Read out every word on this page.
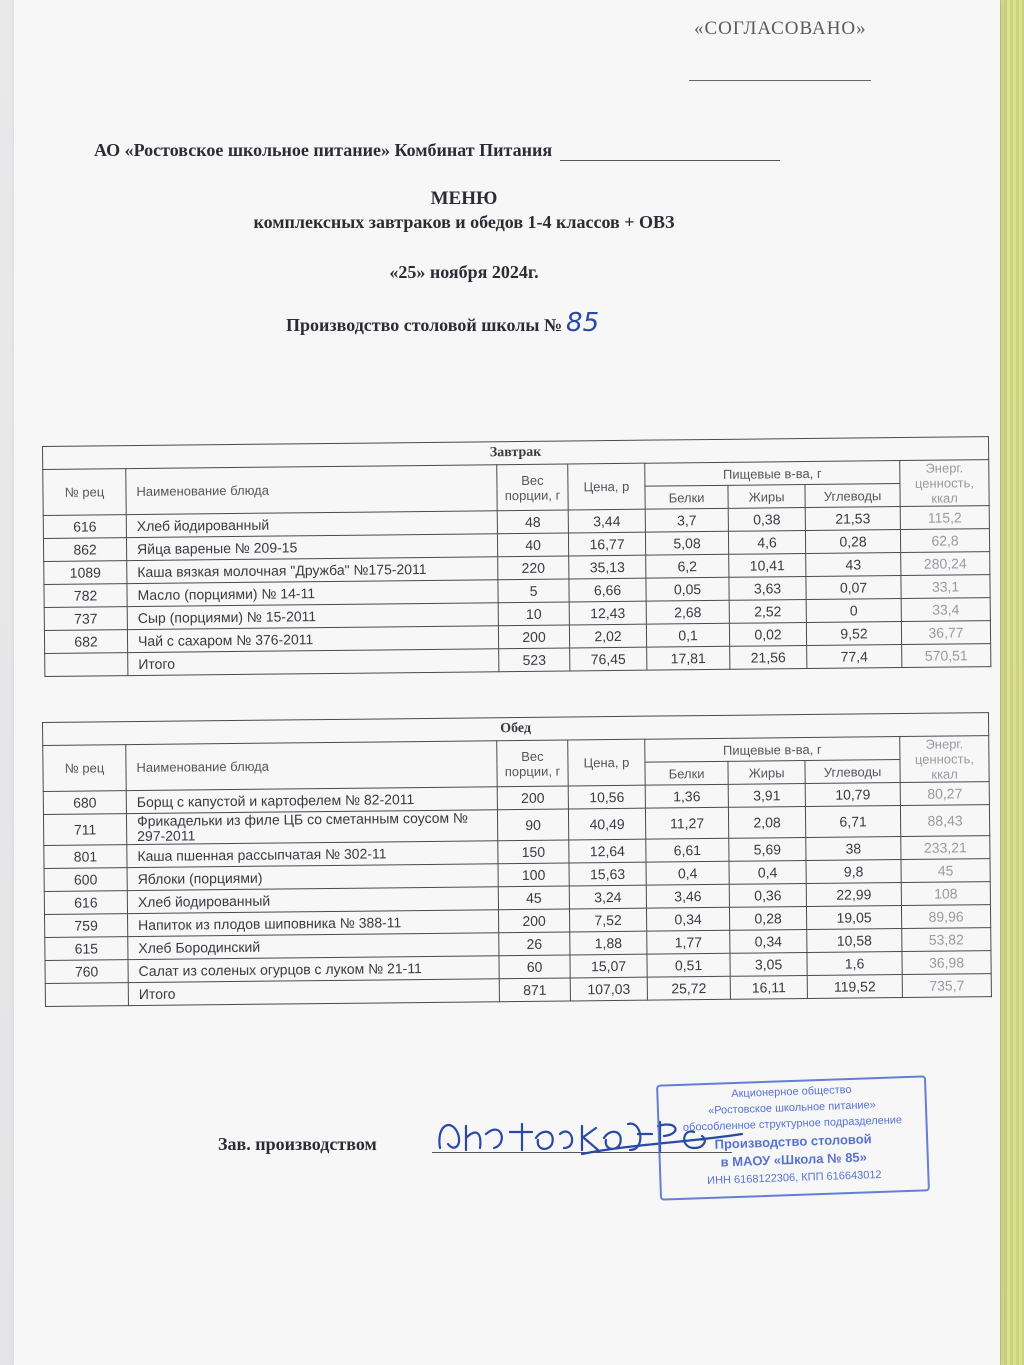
«СОГЛАСОВАНО»
АО «Ростовское школьное питание» Комбинат Питания
МЕНЮ
комплексных завтраков и обедов 1-4 классов + ОВЗ
«25» ноября 2024г.
Производство столовой школы № 85
Завтрак							
№ рец	Наименование блюда	Вес порции, г	Цена, р	Пищевые в-ва, г			Энерг. ценность, ккал
				Белки	Жиры	Углеводы	
616	Хлеб йодированный	48	3,44	3,7	0,38	21,53	115,2
862	Яйца вареные № 209-15	40	16,77	5,08	4,6	0,28	62,8
1089	Каша вязкая молочная "Дружба" №175-2011	220	35,13	6,2	10,41	43	280,24
782	Масло (порциями) № 14-11	5	6,66	0,05	3,63	0,07	33,1
737	Сыр (порциями) № 15-2011	10	12,43	2,68	2,52	0	33,4
682	Чай с сахаром № 376-2011	200	2,02	0,1	0,02	9,52	36,77
	Итого	523	76,45	17,81	21,56	77,4	570,51
Обед							
№ рец	Наименование блюда	Вес порции, г	Цена, р	Пищевые в-ва, г			Энерг. ценность, ккал
				Белки	Жиры	Углеводы	
680	Борщ с капустой и картофелем № 82-2011	200	10,56	1,36	3,91	10,79	80,27
711	Фрикадельки из филе ЦБ со сметанным соусом № 297-2011	90	40,49	11,27	2,08	6,71	88,43
801	Каша пшенная рассыпчатая № 302-11	150	12,64	6,61	5,69	38	233,21
600	Яблоки (порциями)	100	15,63	0,4	0,4	9,8	45
616	Хлеб йодированный	45	3,24	3,46	0,36	22,99	108
759	Напиток из плодов шиповника № 388-11	200	7,52	0,34	0,28	19,05	89,96
615	Хлеб Бородинский	26	1,88	1,77	0,34	10,58	53,82
760	Салат из соленых огурцов с луком № 21-11	60	15,07	0,51	3,05	1,6	36,98
	Итого	871	107,03	25,72	16,11	119,52	735,7
Зав. производством
Акционерное общество
«Ростовское школьное питание»
обособленное структурное подразделение
Производство столовой
в МАОУ «Школа № 85»
ИНН 6168122306, КПП 616643012
